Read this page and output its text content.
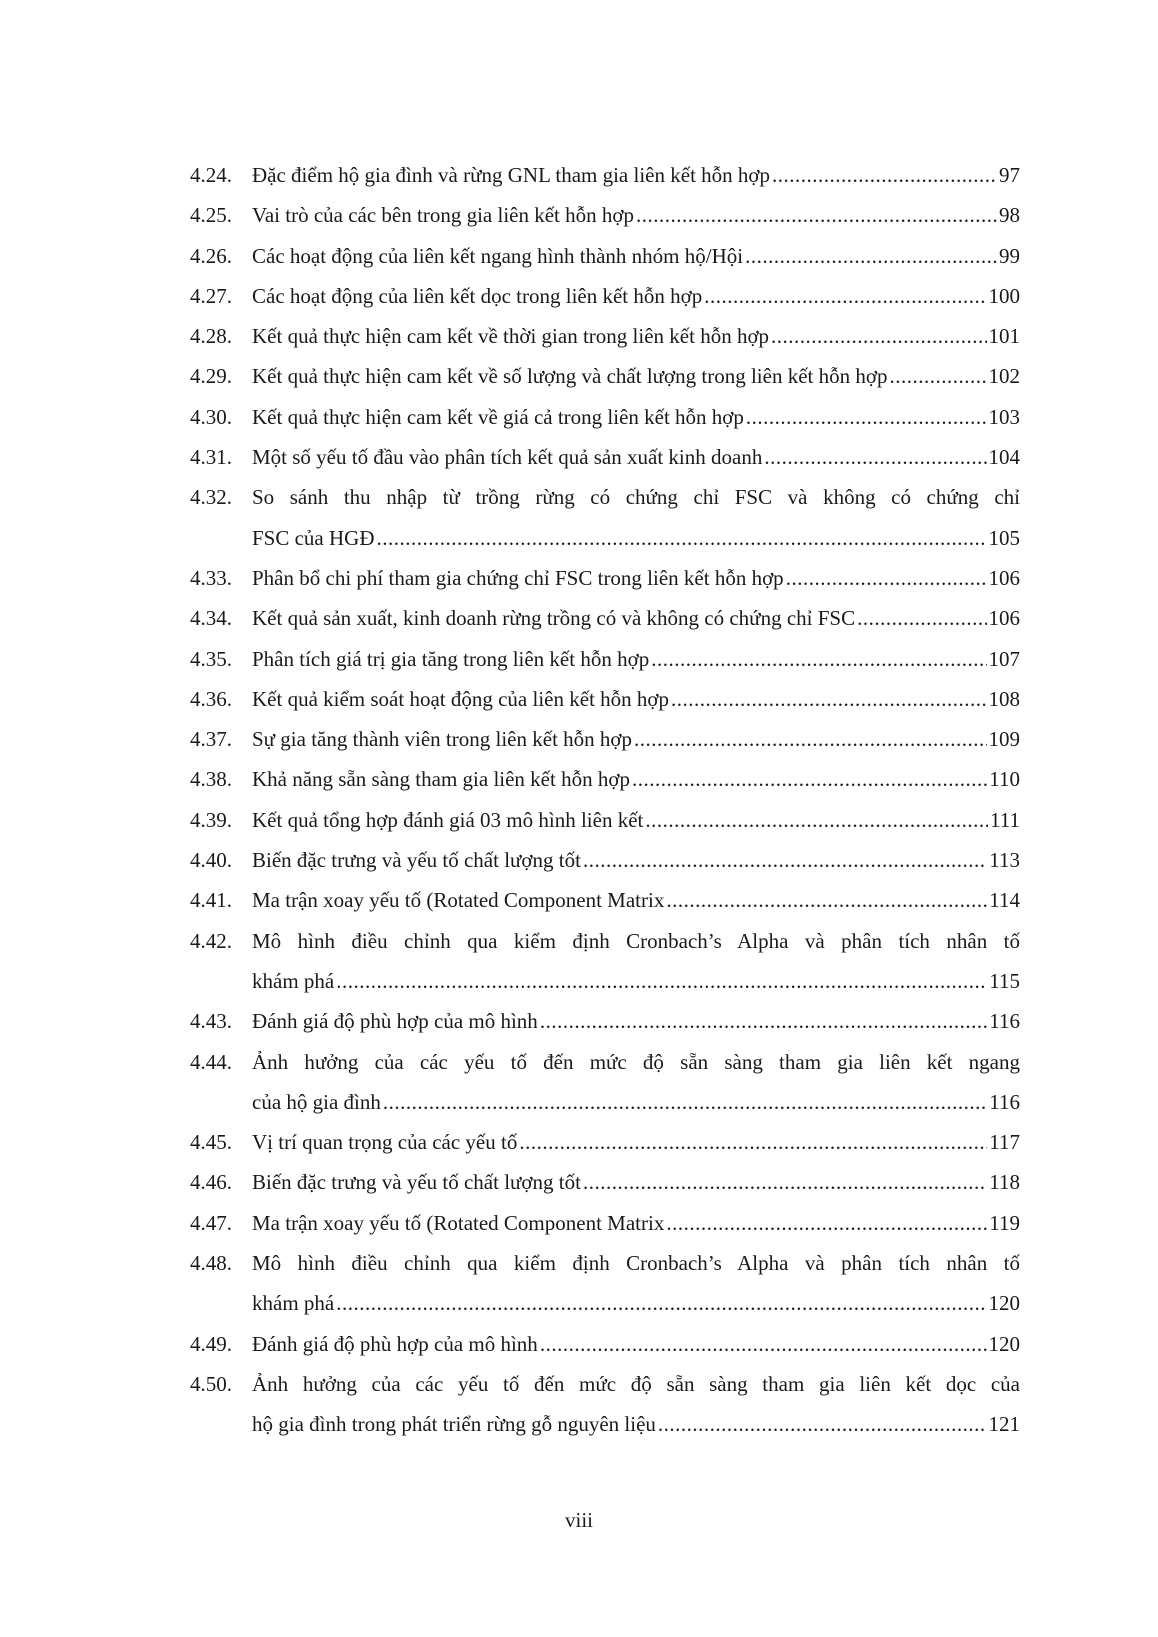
4.24. Đặc điểm hộ gia đình và rừng GNL tham gia liên kết hỗn hợp .....	97
4.25. Vai trò của các bên trong gia liên kết hỗn hợp .....	98
4.26. Các hoạt động của liên kết ngang hình thành nhóm hộ/Hội .....	99
4.27. Các hoạt động của liên kết dọc trong liên kết hỗn hợp .....	100
4.28. Kết quả thực hiện cam kết về thời gian trong liên kết hỗn hợp .....	101
4.29. Kết quả thực hiện cam kết về số lượng và chất lượng trong liên kết hỗn hợp .....	102
4.30. Kết quả thực hiện cam kết về giá cả trong liên kết hỗn hợp .....	103
4.31. Một số yếu tố đầu vào phân tích kết quả sản xuất kinh doanh .....	104
4.32. So sánh thu nhập từ trồng rừng có chứng chỉ FSC và không có chứng chỉ
FSC của HGĐ .....	105
4.33. Phân bổ chi phí tham gia chứng chỉ FSC trong liên kết hỗn hợp .....	106
4.34. Kết quả sản xuất, kinh doanh rừng trồng có và không có chứng chỉ FSC .....	106
4.35. Phân tích giá trị gia tăng trong liên kết hỗn hợp .....	107
4.36. Kết quả kiểm soát hoạt động của liên kết hỗn hợp .....	108
4.37. Sự gia tăng thành viên trong liên kết hỗn hợp .....	109
4.38. Khả năng sẵn sàng tham gia liên kết hỗn hợp .....	110
4.39. Kết quả tổng hợp đánh giá 03 mô hình liên kết .....	111
4.40. Biến đặc trưng và yếu tố chất lượng tốt .....	113
4.41. Ma trận xoay yếu tố (Rotated Component Matrix .....	114
4.42. Mô hình điều chỉnh qua kiểm định Cronbach’s Alpha và phân tích nhân tố
khám phá .....	115
4.43. Đánh giá độ phù hợp của mô hình .....	116
4.44. Ảnh hưởng của các yếu tố đến mức độ sẵn sàng tham gia liên kết ngang
của hộ gia đình .....	116
4.45. Vị trí quan trọng của các yếu tố .....	117
4.46. Biến đặc trưng và yếu tố chất lượng tốt .....	118
4.47. Ma trận xoay yếu tố (Rotated Component Matrix .....	119
4.48. Mô hình điều chỉnh qua kiểm định Cronbach’s Alpha và phân tích nhân tố
khám phá .....	120
4.49. Đánh giá độ phù hợp của mô hình .....	120
4.50. Ảnh hưởng của các yếu tố đến mức độ sẵn sàng tham gia liên kết dọc của
hộ gia đình trong phát triển rừng gỗ nguyên liệu .....	121
viii
